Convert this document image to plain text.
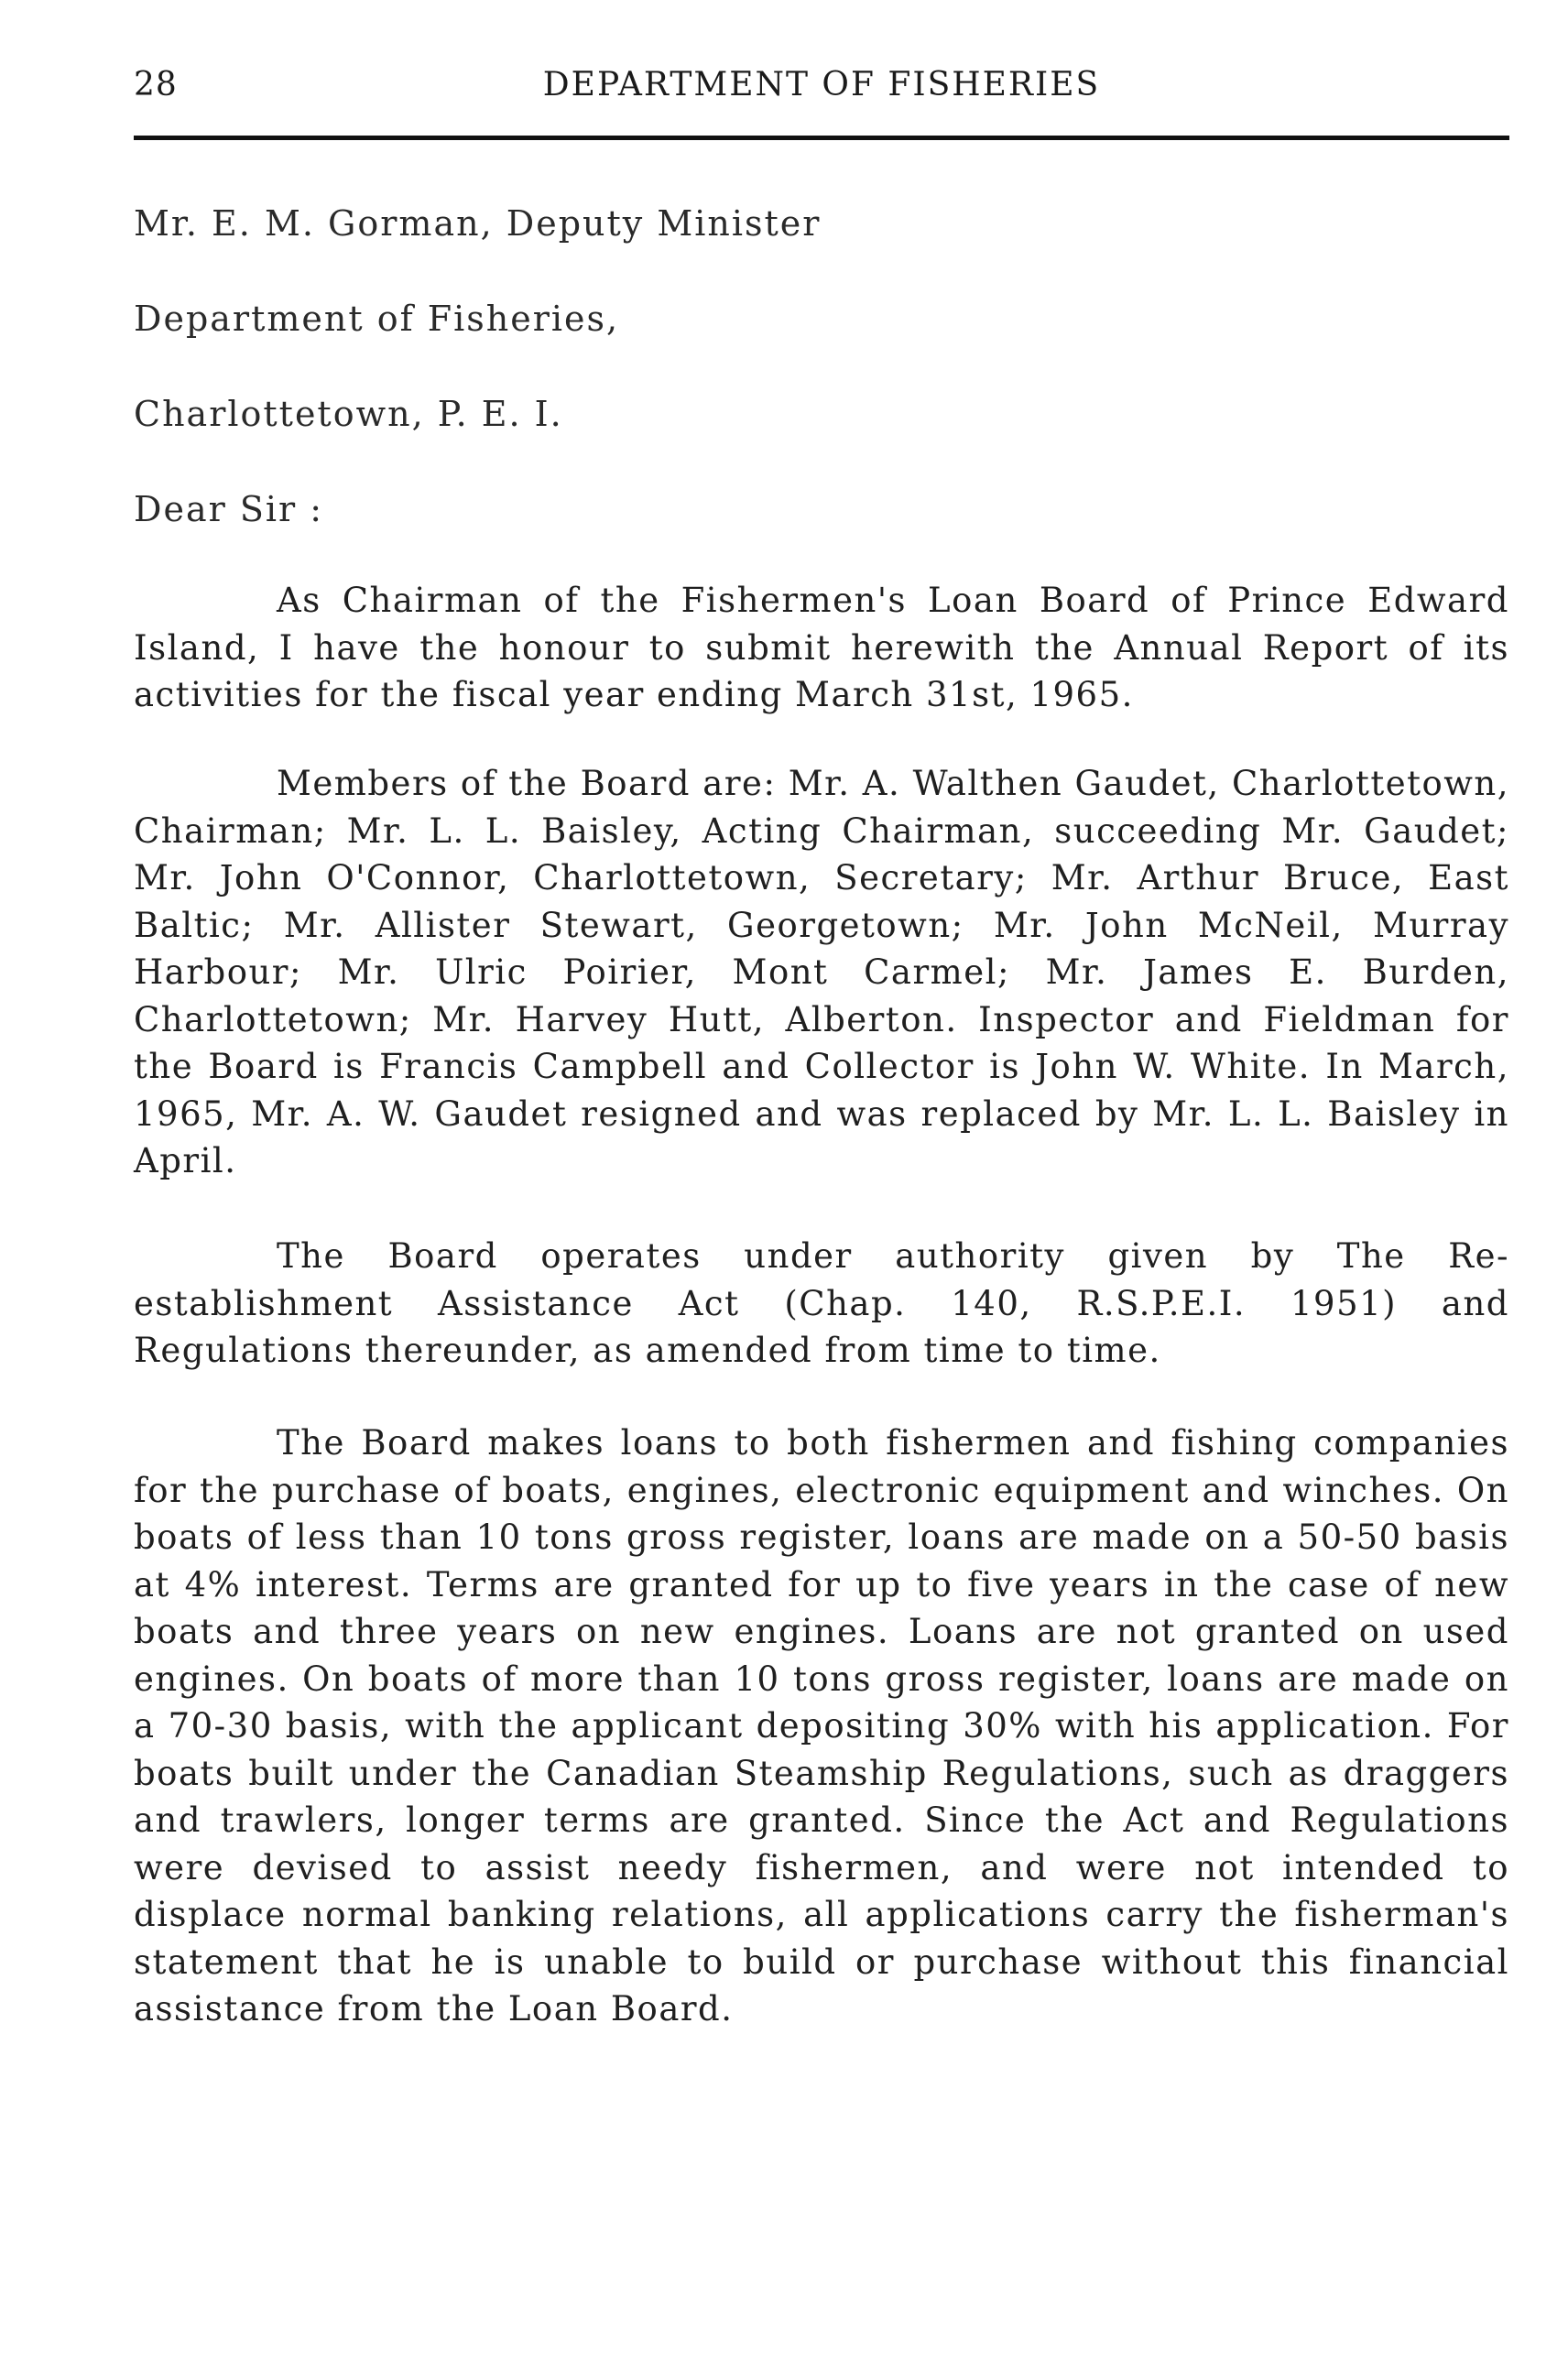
28	DEPARTMENT OF FISHERIES
Mr. E. M. Gorman, Deputy Minister
Department of Fisheries,
Charlottetown, P. E. I.
Dear Sir :

As Chairman of the Fishermen's Loan Board of Prince Edward Island, I have the honour to submit herewith the Annual Report of its activities for the fiscal year ending March 31st, 1965.

Members of the Board are: Mr. A. Walthen Gaudet, Charlottetown, Chairman; Mr. L. L. Baisley, Acting Chairman, succeeding Mr. Gaudet; Mr. John O'Connor, Charlottetown, Secretary; Mr. Arthur Bruce, East Baltic; Mr. Allister Stewart, Georgetown; Mr. John McNeil, Murray Harbour; Mr. Ulric Poirier, Mont Carmel; Mr. James E. Burden, Charlottetown; Mr. Harvey Hutt, Alberton. Inspector and Fieldman for the Board is Francis Campbell and Collector is John W. White. In March, 1965, Mr. A. W. Gaudet resigned and was replaced by Mr. L. L. Baisley in April.

The Board operates under authority given by The Re-establishment Assistance Act (Chap. 140, R.S.P.E.I. 1951) and Regulations thereunder, as amended from time to time.

The Board makes loans to both fishermen and fishing companies for the purchase of boats, engines, electronic equipment and winches. On boats of less than 10 tons gross register, loans are made on a 50-50 basis at 4% interest. Terms are granted for up to five years in the case of new boats and three years on new engines. Loans are not granted on used engines. On boats of more than 10 tons gross register, loans are made on a 70-30 basis, with the applicant depositing 30% with his application. For boats built under the Canadian Steamship Regulations, such as draggers and trawlers, longer terms are granted. Since the Act and Regulations were devised to assist needy fishermen, and were not intended to displace normal banking relations, all applications carry the fisherman's statement that he is unable to build or purchase without this financial assistance from the Loan Board.
